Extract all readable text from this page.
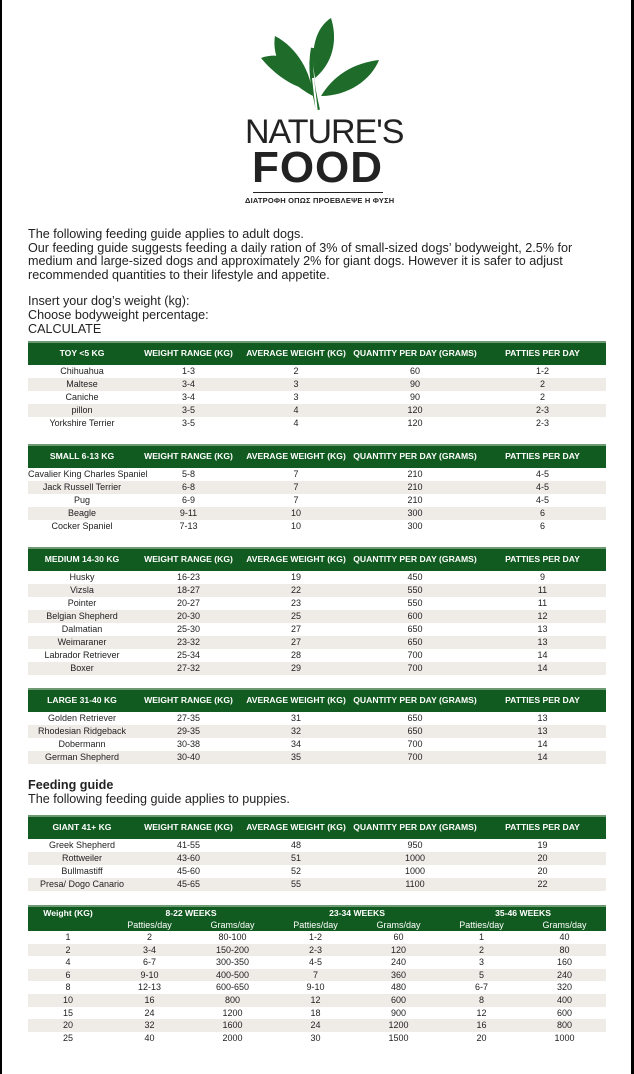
NATURE'S
FOOD
ΔΙΑΤΡΟΦΗ ΟΠΩΣ ΠΡΟΕΒΛΕΨΕ Η ΦΥΣΗ

The following feeding guide applies to adult dogs.

Our feeding guide suggests feeding a daily ration of 3% of small-sized dogs’ bodyweight, 2.5% for medium and large-sized dogs and approximately 2% for giant dogs. However it is safer to adjust recommended quantities to their lifestyle and appetite.

Insert your dog’s weight (kg):

Choose bodyweight percentage:

CALCULATE

TOY <5 KG	WEIGHT RANGE (KG)	AVERAGE WEIGHT (KG)	QUANTITY PER DAY (GRAMS)	PATTIES PER DAY
Chihuahua	1-3	2	60	1-2
Maltese	3-4	3	90	2
Caniche	3-4	3	90	2
pillon	3-5	4	120	2-3
Yorkshire Terrier	3-5	4	120	2-3
SMALL 6-13 KG	WEIGHT RANGE (KG)	AVERAGE WEIGHT (KG)	QUANTITY PER DAY (GRAMS)	PATTIES PER DAY
Cavalier King Charles Spaniel	5-8	7	210	4-5
Jack Russell Terrier	6-8	7	210	4-5
Pug	6-9	7	210	4-5
Beagle	9-11	10	300	6
Cocker Spaniel	7-13	10	300	6
MEDIUM 14-30 KG	WEIGHT RANGE (KG)	AVERAGE WEIGHT (KG)	QUANTITY PER DAY (GRAMS)	PATTIES PER DAY
Husky	16-23	19	450	9
Vizsla	18-27	22	550	11
Pointer	20-27	23	550	11
Belgian Shepherd	20-30	25	600	12
Dalmatian	25-30	27	650	13
Weimaraner	23-32	27	650	13
Labrador Retriever	25-34	28	700	14
Boxer	27-32	29	700	14
LARGE 31-40 KG	WEIGHT RANGE (KG)	AVERAGE WEIGHT (KG)	QUANTITY PER DAY (GRAMS)	PATTIES PER DAY
Golden Retriever	27-35	31	650	13
Rhodesian Ridgeback	29-35	32	650	13
Dobermann	30-38	34	700	14
German Shepherd	30-40	35	700	14
Feeding guide
The following feeding guide applies to puppies.
GIANT 41+ KG	WEIGHT RANGE (KG)	AVERAGE WEIGHT (KG)	QUANTITY PER DAY (GRAMS)	PATTIES PER DAY
Greek Shepherd	41-55	48	950	19
Rottweiler	43-60	51	1000	20
Bullmastiff	45-60	52	1000	20
Presa/ Dogo Canario	45-65	55	1100	22
Weight (KG)	8-22 WEEKS		23-34 WEEKS		35-46 WEEKS	
	Patties/day	Grams/day	Patties/day	Grams/day	Patties/day	Grams/day
1	2	80-100	1-2	60	1	40
2	3-4	150-200	2-3	120	2	80
4	6-7	300-350	4-5	240	3	160
6	9-10	400-500	7	360	5	240
8	12-13	600-650	9-10	480	6-7	320
10	16	800	12	600	8	400
15	24	1200	18	900	12	600
20	32	1600	24	1200	16	800
25	40	2000	30	1500	20	1000
